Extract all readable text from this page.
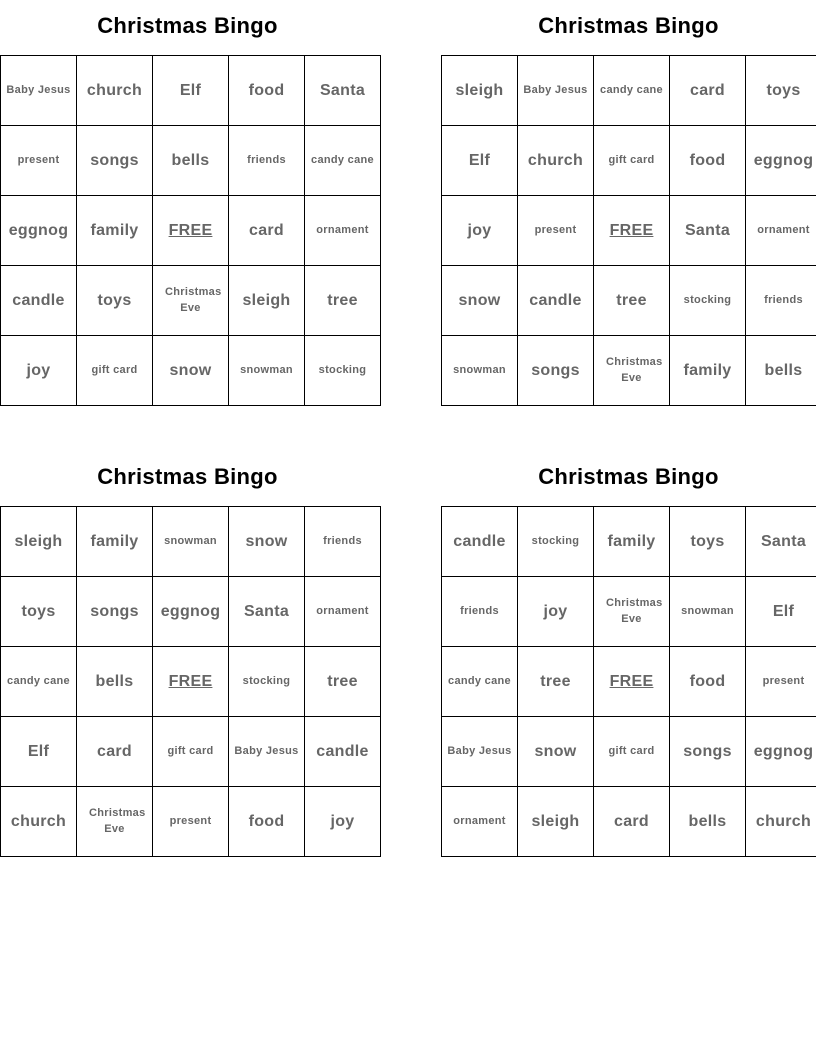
Christmas Bingo
Baby Jesus	church	Elf	food	Santa
present	songs	bells	friends	candy cane
eggnog	family	FREE	card	ornament
candle	toys	Christmas Eve	sleigh	tree
joy	gift card	snow	snowman	stocking
Christmas Bingo
sleigh	Baby Jesus	candy cane	card	toys
Elf	church	gift card	food	eggnog
joy	present	FREE	Santa	ornament
snow	candle	tree	stocking	friends
snowman	songs	Christmas Eve	family	bells
Christmas Bingo
sleigh	family	snowman	snow	friends
toys	songs	eggnog	Santa	ornament
candy cane	bells	FREE	stocking	tree
Elf	card	gift card	Baby Jesus	candle
church	Christmas Eve	present	food	joy
Christmas Bingo
candle	stocking	family	toys	Santa
friends	joy	Christmas Eve	snowman	Elf
candy cane	tree	FREE	food	present
Baby Jesus	snow	gift card	songs	eggnog
ornament	sleigh	card	bells	church
